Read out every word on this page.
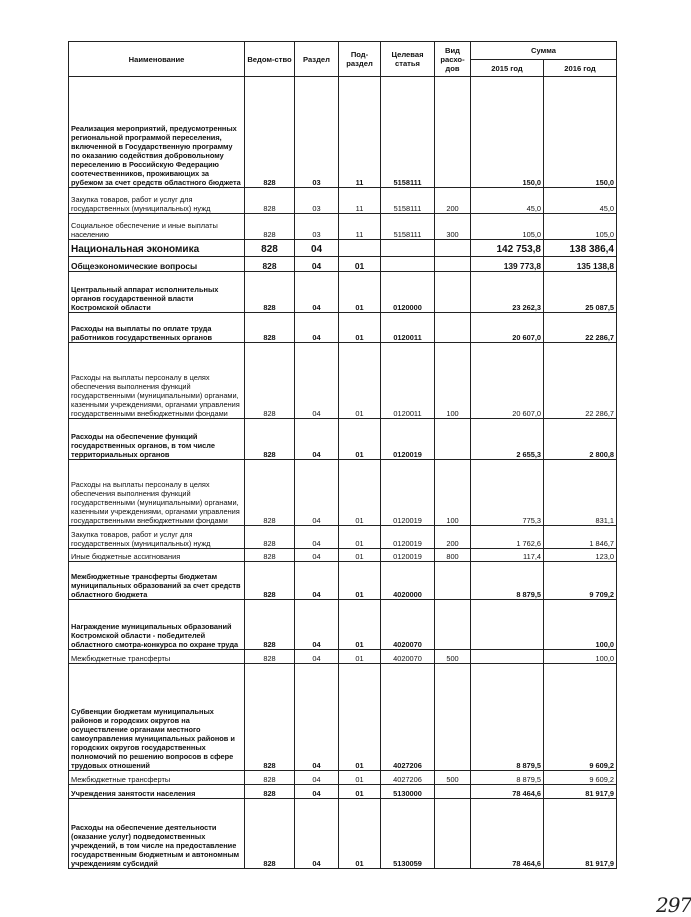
Наименование	Ведом-ство	Раздел	Под-раздел	Целевая статья	Вид расхо-дов	Сумма	
						2015 год	2016 год
Реализация мероприятий, предусмотренных региональной программой переселения, включенной в Государственную программу по оказанию содействия добровольному переселению в Российскую Федерацию соотечественников, проживающих за рубежом за счет средств областного бюджета	828	03	11	5158111		150,0	150,0
Закупка товаров, работ и услуг для государственных (муниципальных) нужд	828	03	11	5158111	200	45,0	45,0
Социальное обеспечение и иные выплаты населению	828	03	11	5158111	300	105,0	105,0
Национальная экономика	828	04				142 753,8	138 386,4
Общеэкономические вопросы	828	04	01			139 773,8	135 138,8
Центральный аппарат исполнительных органов государственной власти Костромской области	828	04	01	0120000		23 262,3	25 087,5
Расходы на выплаты по оплате труда работников государственных органов	828	04	01	0120011		20 607,0	22 286,7
Расходы на выплаты персоналу в целях обеспечения выполнения функций государственными (муниципальными) органами, казенными учреждениями, органами управления государственными внебюджетными фондами	828	04	01	0120011	100	20 607,0	22 286,7
Расходы на обеспечение функций государственных органов, в том числе территориальных органов	828	04	01	0120019		2 655,3	2 800,8
Расходы на выплаты персоналу в целях обеспечения выполнения функций государственными (муниципальными) органами, казенными учреждениями, органами управления государственными внебюджетными фондами	828	04	01	0120019	100	775,3	831,1
Закупка товаров, работ и услуг для государственных (муниципальных) нужд	828	04	01	0120019	200	1 762,6	1 846,7
Иные бюджетные ассигнования	828	04	01	0120019	800	117,4	123,0
Межбюджетные трансферты бюджетам муниципальных образований за счет средств областного бюджета	828	04	01	4020000		8 879,5	9 709,2
Награждение муниципальных образований Костромской области - победителей областного смотра-конкурса по охране труда	828	04	01	4020070			100,0
Межбюджетные трансферты	828	04	01	4020070	500		100,0
Субвенции бюджетам муниципальных районов и городских округов на осуществление органами местного самоуправления муниципальных районов и городских округов государственных полномочий по решению вопросов в сфере трудовых отношений	828	04	01	4027206		8 879,5	9 609,2
Межбюджетные трансферты	828	04	01	4027206	500	8 879,5	9 609,2
Учреждения занятости населения	828	04	01	5130000		78 464,6	81 917,9
Расходы на обеспечение деятельности (оказание услуг) подведомственных учреждений, в том числе на предоставление государственным бюджетным и автономным учреждениям субсидий	828	04	01	5130059		78 464,6	81 917,9
297
